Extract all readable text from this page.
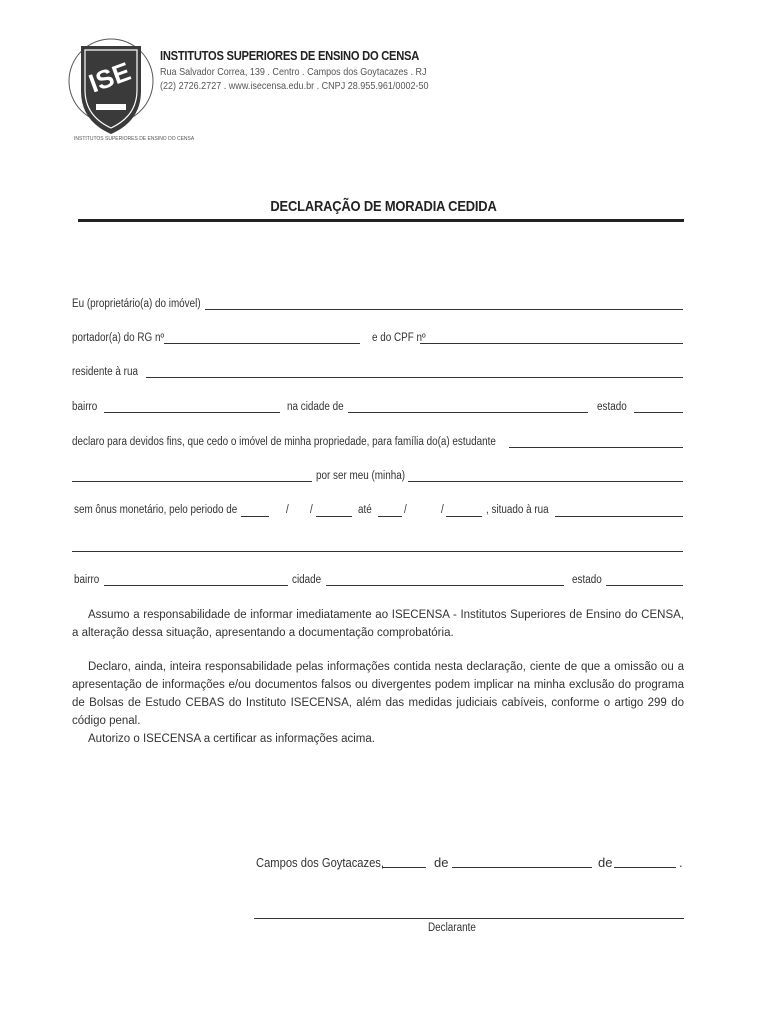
ISE
INSTITUTOS SUPERIORES DE ENSINO DO CENSA
INSTITUTOS SUPERIORES DE ENSINO DO CENSA
Rua Salvador Correa, 139 . Centro . Campos dos Goytacazes . RJ
(22) 2726.2727 . www.isecensa.edu.br . CNPJ 28.955.961/0002-50
DECLARAÇÃO DE MORADIA CEDIDA
Eu (proprietário(a) do imóvel)
portador(a) do RG nº	e do CPF nº
residente à rua
bairro	na cidade de	estado
declaro para devidos fins, que cedo o imóvel de minha propriedade, para família do(a) estudante
por ser meu (minha)
sem ônus monetário, pelo periodo de	/ /	até	/	/	, situado à rua
bairro	cidade	estado

Assumo a responsabilidade de informar imediatamente ao ISECENSA - Institutos Superiores de Ensino do CENSA, a alteração dessa situação, apresentando a documentação comprobatória.

Declaro, ainda, inteira responsabilidade pelas informações contida nesta declaração, ciente de que a omissão ou a apresentação de informações e/ou documentos falsos ou divergentes podem implicar na minha exclusão do programa de Bolsas de Estudo CEBAS do Instituto ISECENSA, além das medidas judiciais cabíveis, conforme o artigo 299 do código penal.

Autorizo o ISECENSA a certificar as informações acima.

Campos dos Goytacazes,	de	de	.
Declarante
